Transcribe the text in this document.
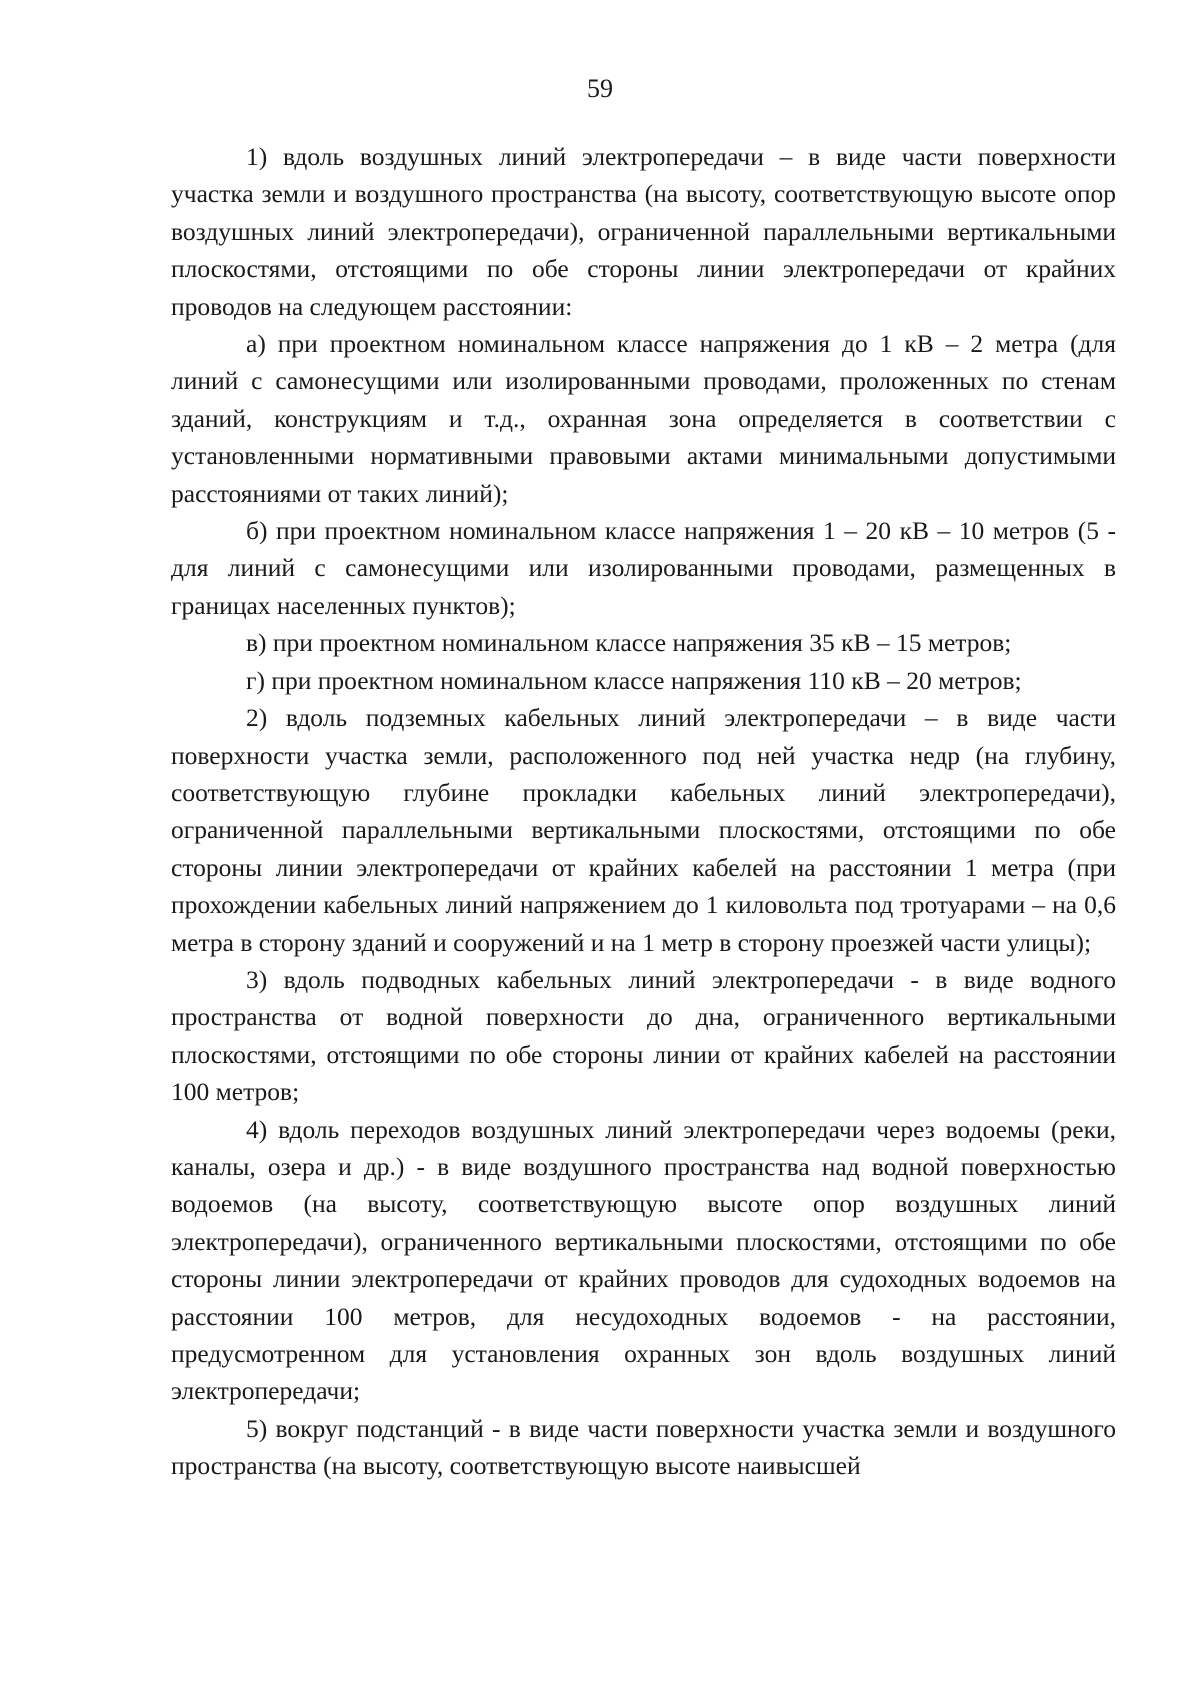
59

1) вдоль воздушных линий электропередачи – в виде части поверхности участка земли и воздушного пространства (на высоту, соответствующую высоте опор воздушных линий электропередачи), ограниченной параллельными вертикальными плоскостями, отстоящими по обе стороны линии электропередачи от крайних проводов на следующем расстоянии:

а) при проектном номинальном классе напряжения до 1 кВ – 2 метра (для линий с самонесущими или изолированными проводами, проложенных по стенам зданий, конструкциям и т.д., охранная зона определяется в соответствии с установленными нормативными правовыми актами минимальными допустимыми расстояниями от таких линий);

б) при проектном номинальном классе напряжения 1 – 20 кВ – 10 метров (5 - для линий с самонесущими или изолированными проводами, размещенных в границах населенных пунктов);

в) при проектном номинальном классе напряжения 35 кВ – 15 метров;

г) при проектном номинальном классе напряжения 110 кВ – 20 метров;

2) вдоль подземных кабельных линий электропередачи – в виде части поверхности участка земли, расположенного под ней участка недр (на глубину, соответствующую глубине прокладки кабельных линий электропередачи), ограниченной параллельными вертикальными плоскостями, отстоящими по обе стороны линии электропередачи от крайних кабелей на расстоянии 1 метра (при прохождении кабельных линий напряжением до 1 киловольта под тротуарами – на 0,6 метра в сторону зданий и сооружений и на 1 метр в сторону проезжей части улицы);

3) вдоль подводных кабельных линий электропередачи - в виде водного пространства от водной поверхности до дна, ограниченного вертикальными плоскостями, отстоящими по обе стороны линии от крайних кабелей на расстоянии 100 метров;

4) вдоль переходов воздушных линий электропередачи через водоемы (реки, каналы, озера и др.) - в виде воздушного пространства над водной поверхностью водоемов (на высоту, соответствующую высоте опор воздушных линий электропередачи), ограниченного вертикальными плоскостями, отстоящими по обе стороны линии электропередачи от крайних проводов для судоходных водоемов на расстоянии 100 метров, для несудоходных водоемов - на расстоянии, предусмотренном для установления охранных зон вдоль воздушных линий электропередачи;

5) вокруг подстанций - в виде части поверхности участка земли и воздушного пространства (на высоту, соответствующую высоте наивысшей
